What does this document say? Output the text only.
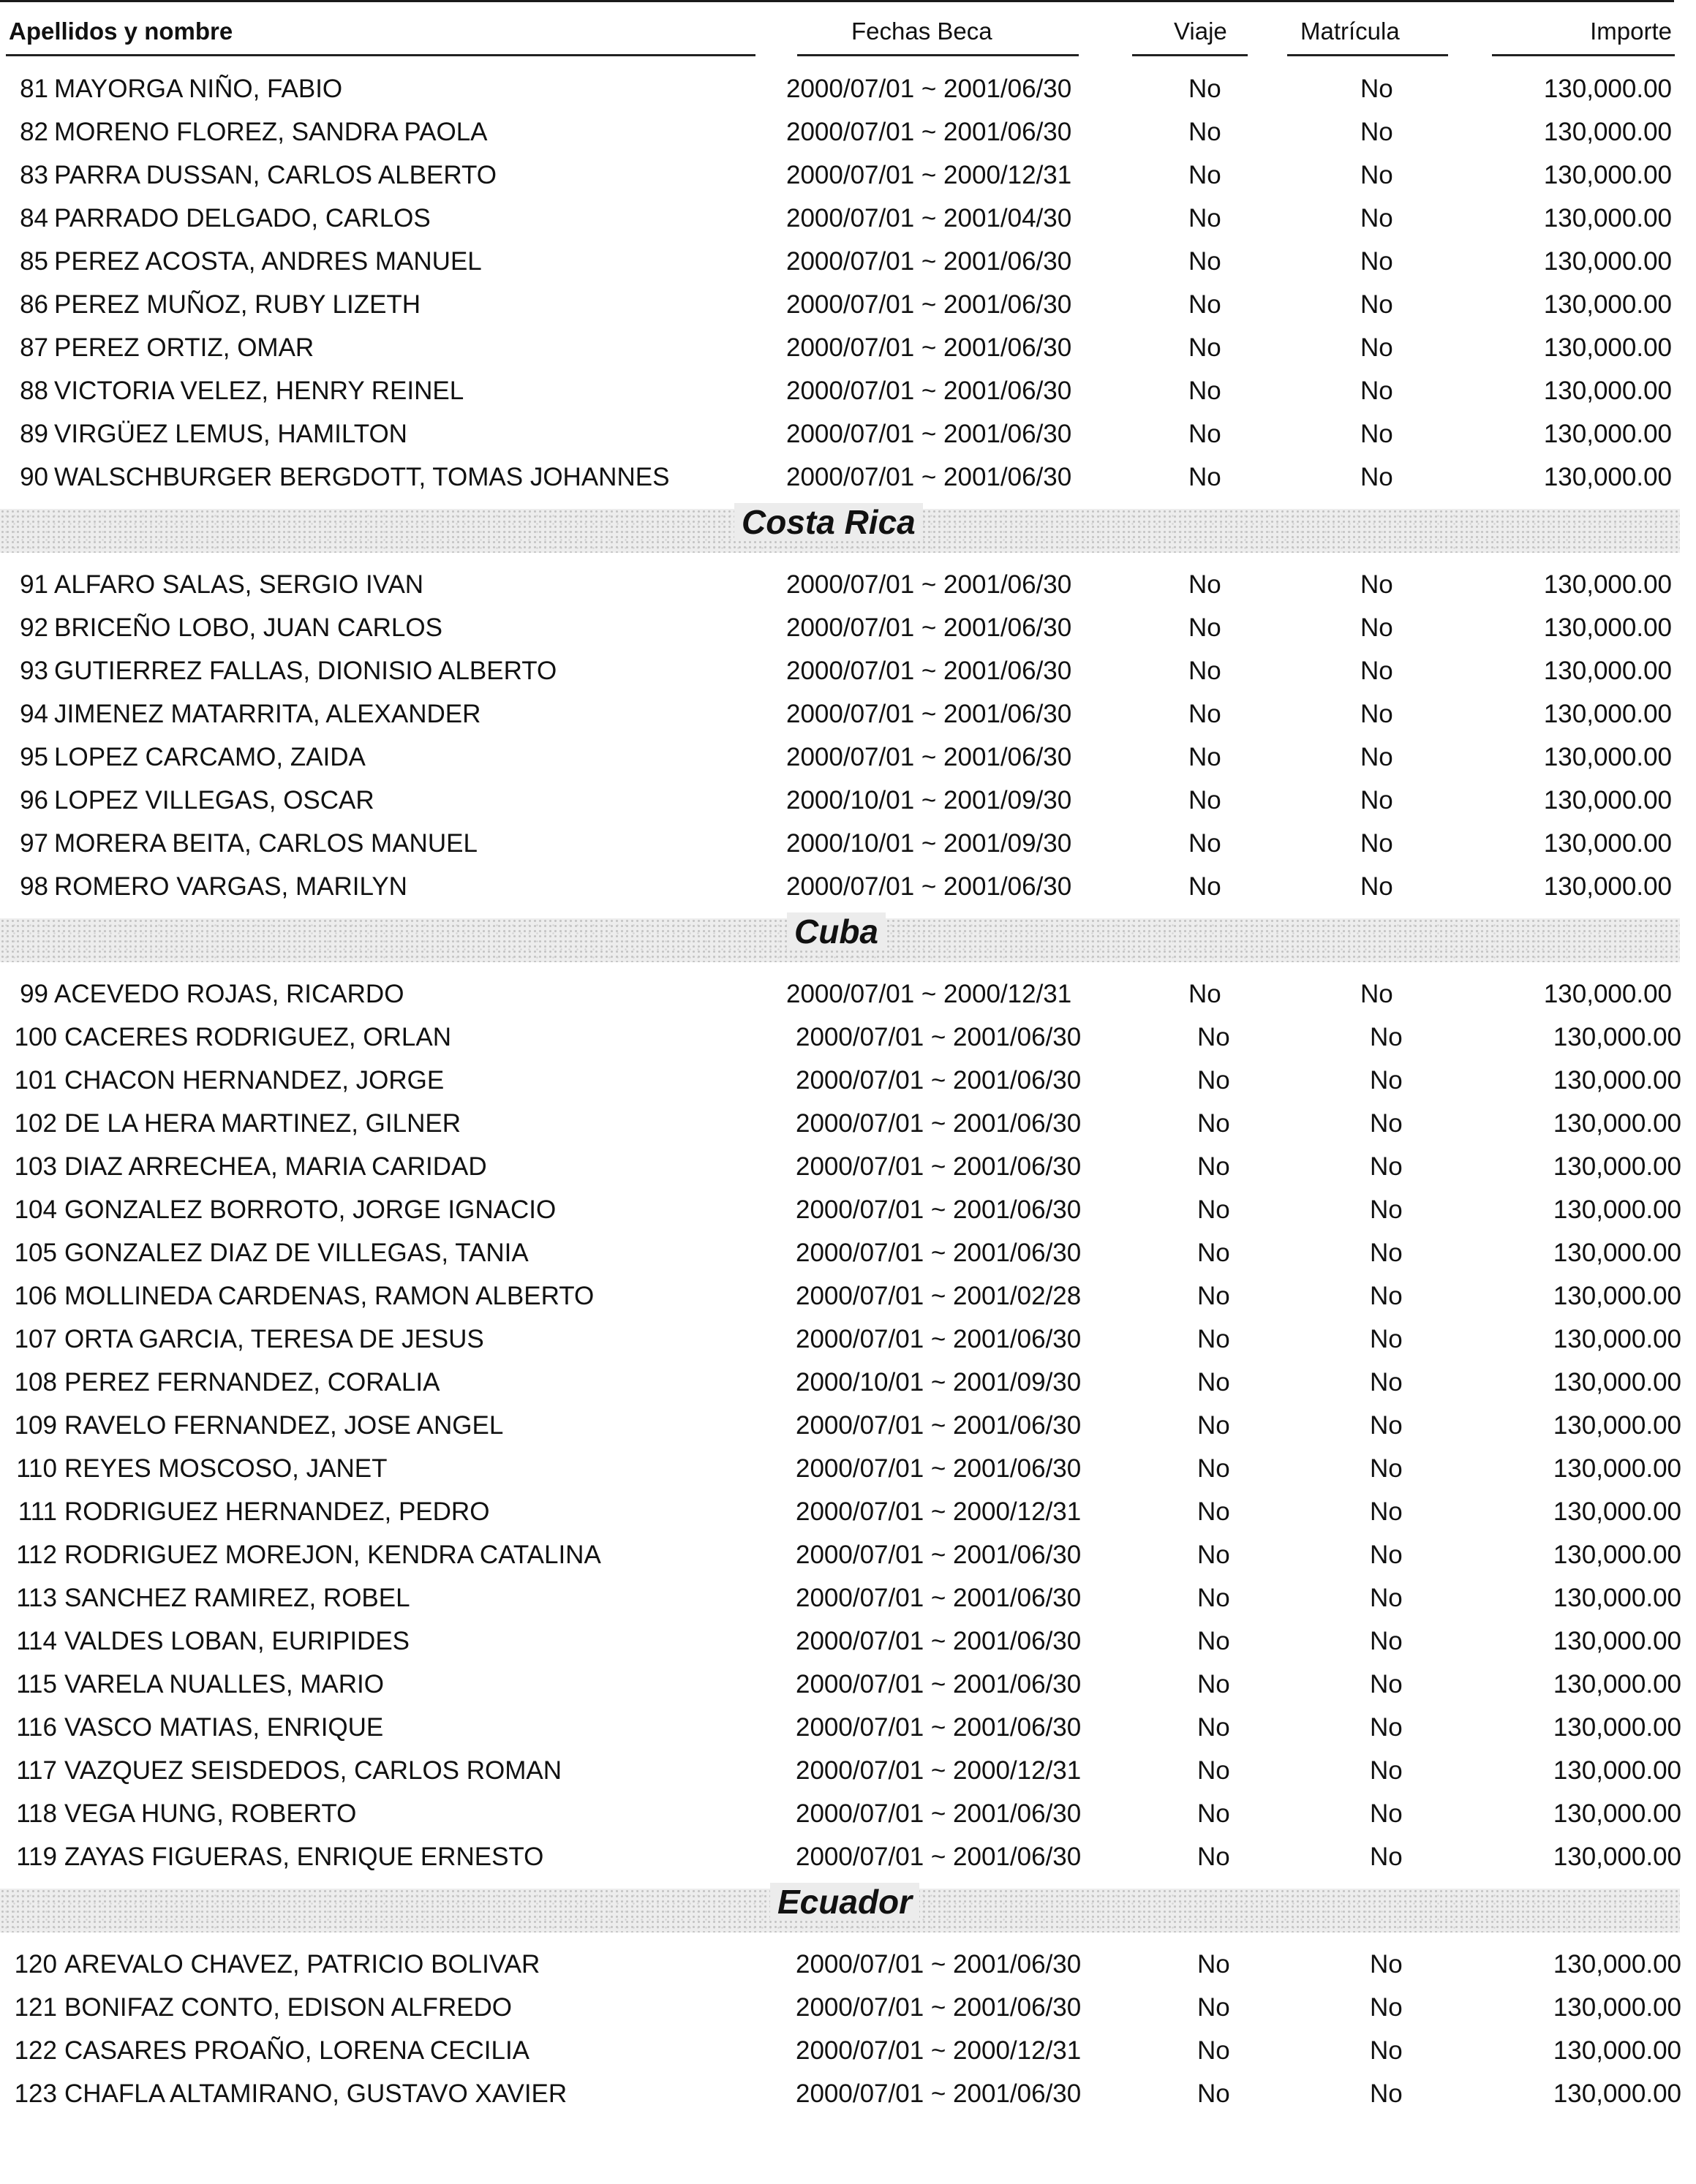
Apellidos y nombre	Fechas Beca	Viaje	Matrícula	Importe
81 MAYORGA NIÑO, FABIO	2000/07/01 ~ 2001/06/30	No	No	130,000.00
82 MORENO FLOREZ, SANDRA PAOLA	2000/07/01 ~ 2001/06/30	No	No	130,000.00
83 PARRA DUSSAN, CARLOS ALBERTO	2000/07/01 ~ 2000/12/31	No	No	130,000.00
84 PARRADO DELGADO, CARLOS	2000/07/01 ~ 2001/04/30	No	No	130,000.00
85 PEREZ ACOSTA, ANDRES MANUEL	2000/07/01 ~ 2001/06/30	No	No	130,000.00
86 PEREZ MUÑOZ, RUBY LIZETH	2000/07/01 ~ 2001/06/30	No	No	130,000.00
87 PEREZ ORTIZ, OMAR	2000/07/01 ~ 2001/06/30	No	No	130,000.00
88 VICTORIA VELEZ, HENRY REINEL	2000/07/01 ~ 2001/06/30	No	No	130,000.00
89 VIRGÜEZ LEMUS, HAMILTON	2000/07/01 ~ 2001/06/30	No	No	130,000.00
90 WALSCHBURGER BERGDOTT, TOMAS JOHANNES	2000/07/01 ~ 2001/06/30	No	No	130,000.00
Costa Rica
91 ALFARO SALAS, SERGIO IVAN	2000/07/01 ~ 2001/06/30	No	No	130,000.00
92 BRICEÑO LOBO, JUAN CARLOS	2000/07/01 ~ 2001/06/30	No	No	130,000.00
93 GUTIERREZ FALLAS, DIONISIO ALBERTO	2000/07/01 ~ 2001/06/30	No	No	130,000.00
94 JIMENEZ MATARRITA, ALEXANDER	2000/07/01 ~ 2001/06/30	No	No	130,000.00
95 LOPEZ CARCAMO, ZAIDA	2000/07/01 ~ 2001/06/30	No	No	130,000.00
96 LOPEZ VILLEGAS, OSCAR	2000/10/01 ~ 2001/09/30	No	No	130,000.00
97 MORERA BEITA, CARLOS MANUEL	2000/10/01 ~ 2001/09/30	No	No	130,000.00
98 ROMERO VARGAS, MARILYN	2000/07/01 ~ 2001/06/30	No	No	130,000.00
Cuba
99 ACEVEDO ROJAS, RICARDO	2000/07/01 ~ 2000/12/31	No	No	130,000.00
100 CACERES RODRIGUEZ, ORLAN	2000/07/01 ~ 2001/06/30	No	No	130,000.00
101 CHACON HERNANDEZ, JORGE	2000/07/01 ~ 2001/06/30	No	No	130,000.00
102 DE LA HERA MARTINEZ, GILNER	2000/07/01 ~ 2001/06/30	No	No	130,000.00
103 DIAZ ARRECHEA, MARIA CARIDAD	2000/07/01 ~ 2001/06/30	No	No	130,000.00
104 GONZALEZ BORROTO, JORGE IGNACIO	2000/07/01 ~ 2001/06/30	No	No	130,000.00
105 GONZALEZ DIAZ DE VILLEGAS, TANIA	2000/07/01 ~ 2001/06/30	No	No	130,000.00
106 MOLLINEDA CARDENAS, RAMON ALBERTO	2000/07/01 ~ 2001/02/28	No	No	130,000.00
107 ORTA GARCIA, TERESA DE JESUS	2000/07/01 ~ 2001/06/30	No	No	130,000.00
108 PEREZ FERNANDEZ, CORALIA	2000/10/01 ~ 2001/09/30	No	No	130,000.00
109 RAVELO FERNANDEZ, JOSE ANGEL	2000/07/01 ~ 2001/06/30	No	No	130,000.00
110 REYES MOSCOSO, JANET	2000/07/01 ~ 2001/06/30	No	No	130,000.00
111 RODRIGUEZ HERNANDEZ, PEDRO	2000/07/01 ~ 2000/12/31	No	No	130,000.00
112 RODRIGUEZ MOREJON, KENDRA CATALINA	2000/07/01 ~ 2001/06/30	No	No	130,000.00
113 SANCHEZ RAMIREZ, ROBEL	2000/07/01 ~ 2001/06/30	No	No	130,000.00
114 VALDES LOBAN, EURIPIDES	2000/07/01 ~ 2001/06/30	No	No	130,000.00
115 VARELA NUALLES, MARIO	2000/07/01 ~ 2001/06/30	No	No	130,000.00
116 VASCO MATIAS, ENRIQUE	2000/07/01 ~ 2001/06/30	No	No	130,000.00
117 VAZQUEZ SEISDEDOS, CARLOS ROMAN	2000/07/01 ~ 2000/12/31	No	No	130,000.00
118 VEGA HUNG, ROBERTO	2000/07/01 ~ 2001/06/30	No	No	130,000.00
119 ZAYAS FIGUERAS, ENRIQUE ERNESTO	2000/07/01 ~ 2001/06/30	No	No	130,000.00
Ecuador
120 AREVALO CHAVEZ, PATRICIO BOLIVAR	2000/07/01 ~ 2001/06/30	No	No	130,000.00
121 BONIFAZ CONTO, EDISON ALFREDO	2000/07/01 ~ 2001/06/30	No	No	130,000.00
122 CASARES PROAÑO, LORENA CECILIA	2000/07/01 ~ 2000/12/31	No	No	130,000.00
123 CHAFLA ALTAMIRANO, GUSTAVO XAVIER	2000/07/01 ~ 2001/06/30	No	No	130,000.00
